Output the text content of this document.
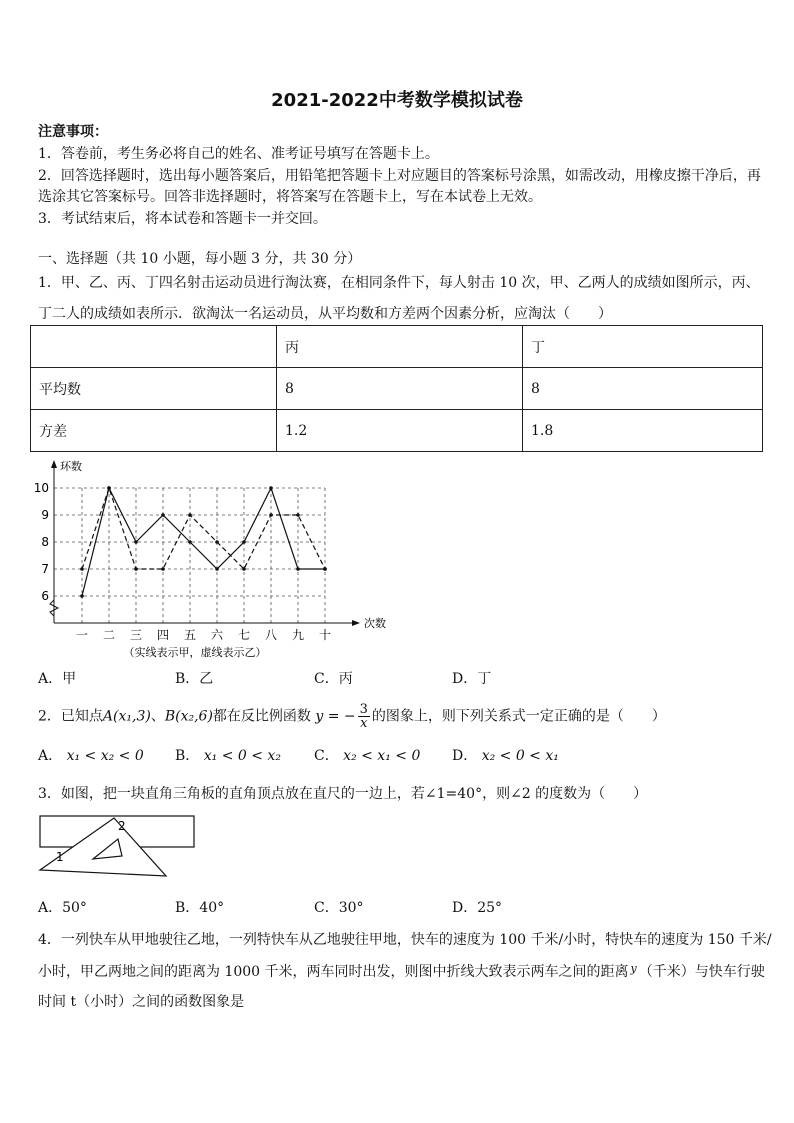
2021-2022中考数学模拟试卷
注意事项：
1．答卷前，考生务必将自己的姓名、准考证号填写在答题卡上。
2．回答选择题时，选出每小题答案后，用铅笔把答题卡上对应题目的答案标号涂黑，如需改动，用橡皮擦干净后，再
选涂其它答案标号。回答非选择题时，将答案写在答题卡上，写在本试卷上无效。
3．考试结束后，将本试卷和答题卡一并交回。
一、选择题（共 10 小题，每小题 3 分，共 30 分）
1．甲、乙、丙、丁四名射击运动员进行淘汰赛，在相同条件下，每人射击 10 次，甲、乙两人的成绩如图所示，丙、
丁二人的成绩如表所示．欲淘汰一名运动员，从平均数和方差两个因素分析，应淘汰（　　）
	丙	丁
平均数	8	8
方差	1.2	1.8
6
7
8
9
10
一 二 三 四 五 六 七 八 九 十
环数
次数
（实线表示甲，虚线表示乙）
A．甲	B．乙	C．丙	D．丁
2．已知点A(x₁,3)、B(x₂,6)都在反比例函数 y = − $\frac{3}{x}$ 的图象上，则下列关系式一定正确的是（　　）
A． x₁ < x₂ < 0 B． x₁ < 0 < x₂ C． x₂ < x₁ < 0 D． x₂ < 0 < x₁
3．如图，把一块直角三角板的直角顶点放在直尺的一边上，若∠1=40°，则∠2 的度数为（　　）
2
1
A．50°	B．40°	C．30°	D．25°
4．一列快车从甲地驶往乙地，一列特快车从乙地驶往甲地，快车的速度为 100 千米/小时，特快车的速度为 150 千米/
小时，甲乙两地之间的距离为 1000 千米，两车同时出发，则图中折线大致表示两车之间的距离 $^y$ （千米）与快车行驶
时间 t（小时）之间的函数图象是
